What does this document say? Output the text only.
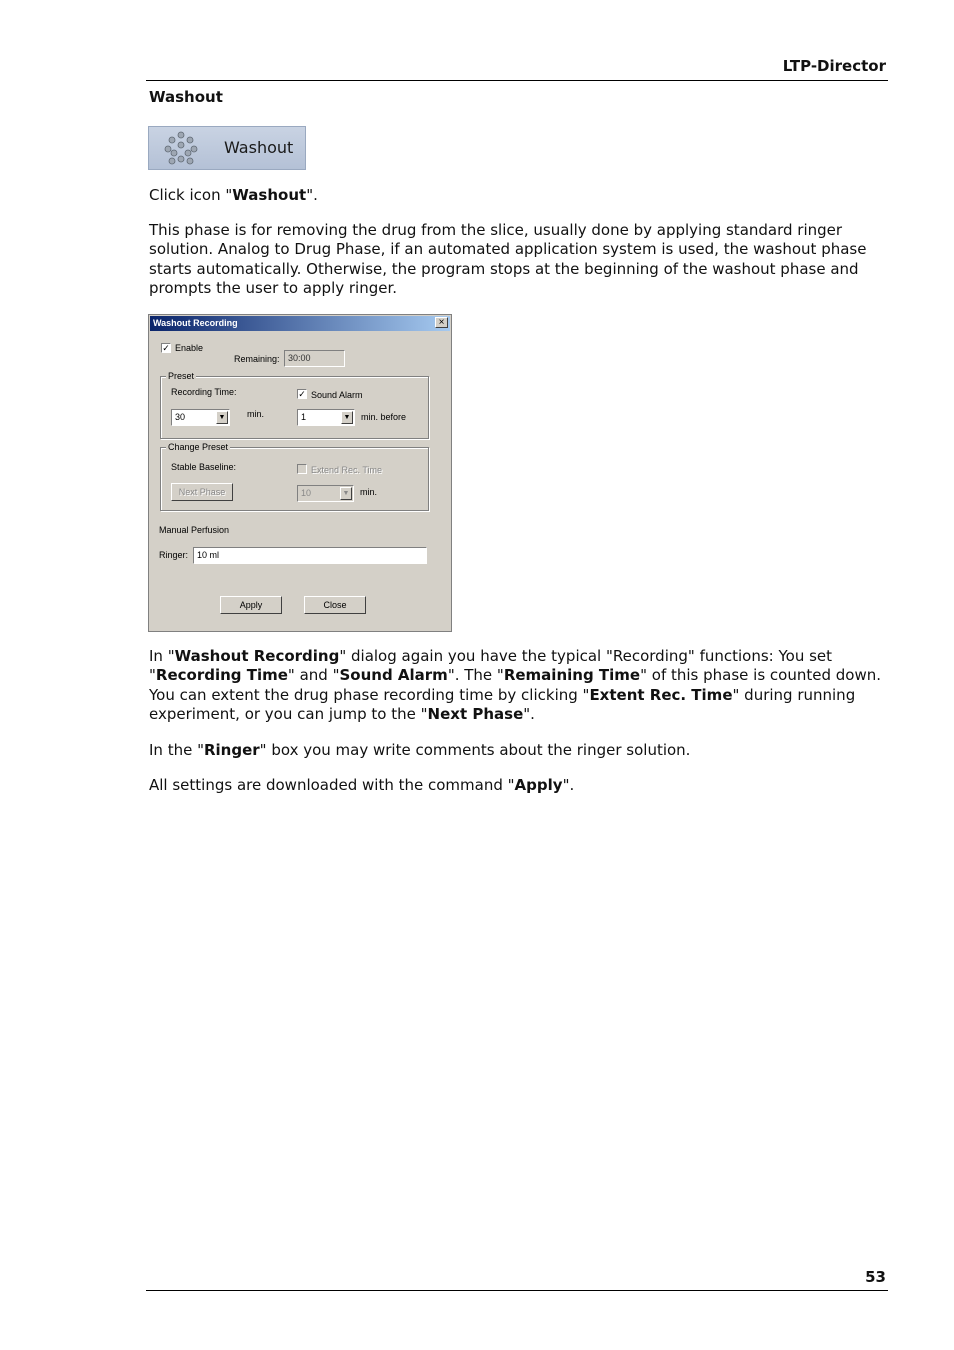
LTP-Director
Washout
Washout

Click icon "Washout".

This phase is for removing the drug from the slice, usually done by applying standard ringer solution. Analog to Drug Phase, if an automated application system is used, the washout phase starts automatically. Otherwise, the program stops at the beginning of the washout phase and prompts the user to apply ringer.

Washout Recording	×
✓ Enable
Remaining: 30:00
Preset
Recording Time:	✓ Sound Alarm
30	▼ min.	1	▼ min. before
Change Preset
Stable Baseline:	Extend Rec. Time
Next Phase	10	▼ min.
Manual Perfusion
Ringer: 10 ml
Apply	Close

In "Washout Recording" dialog again you have the typical "Recording" functions: You set "Recording Time" and "Sound Alarm". The "Remaining Time" of this phase is counted down. You can extent the drug phase recording time by clicking "Extent Rec. Time" during running experiment, or you can jump to the "Next Phase".

In the "Ringer" box you may write comments about the ringer solution.

All settings are downloaded with the command "Apply".

53
